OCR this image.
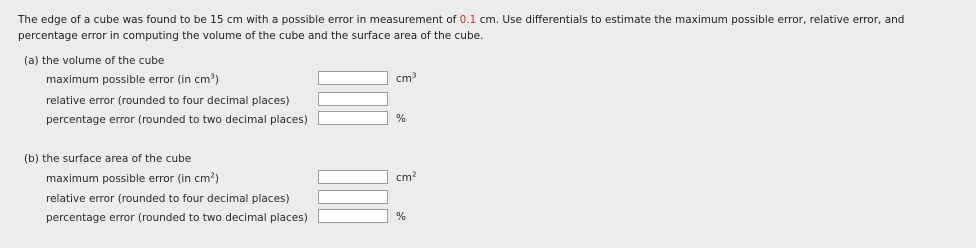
The edge of a cube was found to be 15 cm with a possible error in measurement of 0.1 cm. Use differentials to estimate the maximum possible error, relative error, and percentage error in computing the volume of the cube and the surface area of the cube.
(a) the volume of the cube
maximum possible error (in $cm^3$)	$cm^3$
relative error (rounded to four decimal places)
percentage error (rounded to two decimal places)	%
(b) the surface area of the cube
maximum possible error (in $cm^2$)	$cm^2$
relative error (rounded to four decimal places)
percentage error (rounded to two decimal places)	%
